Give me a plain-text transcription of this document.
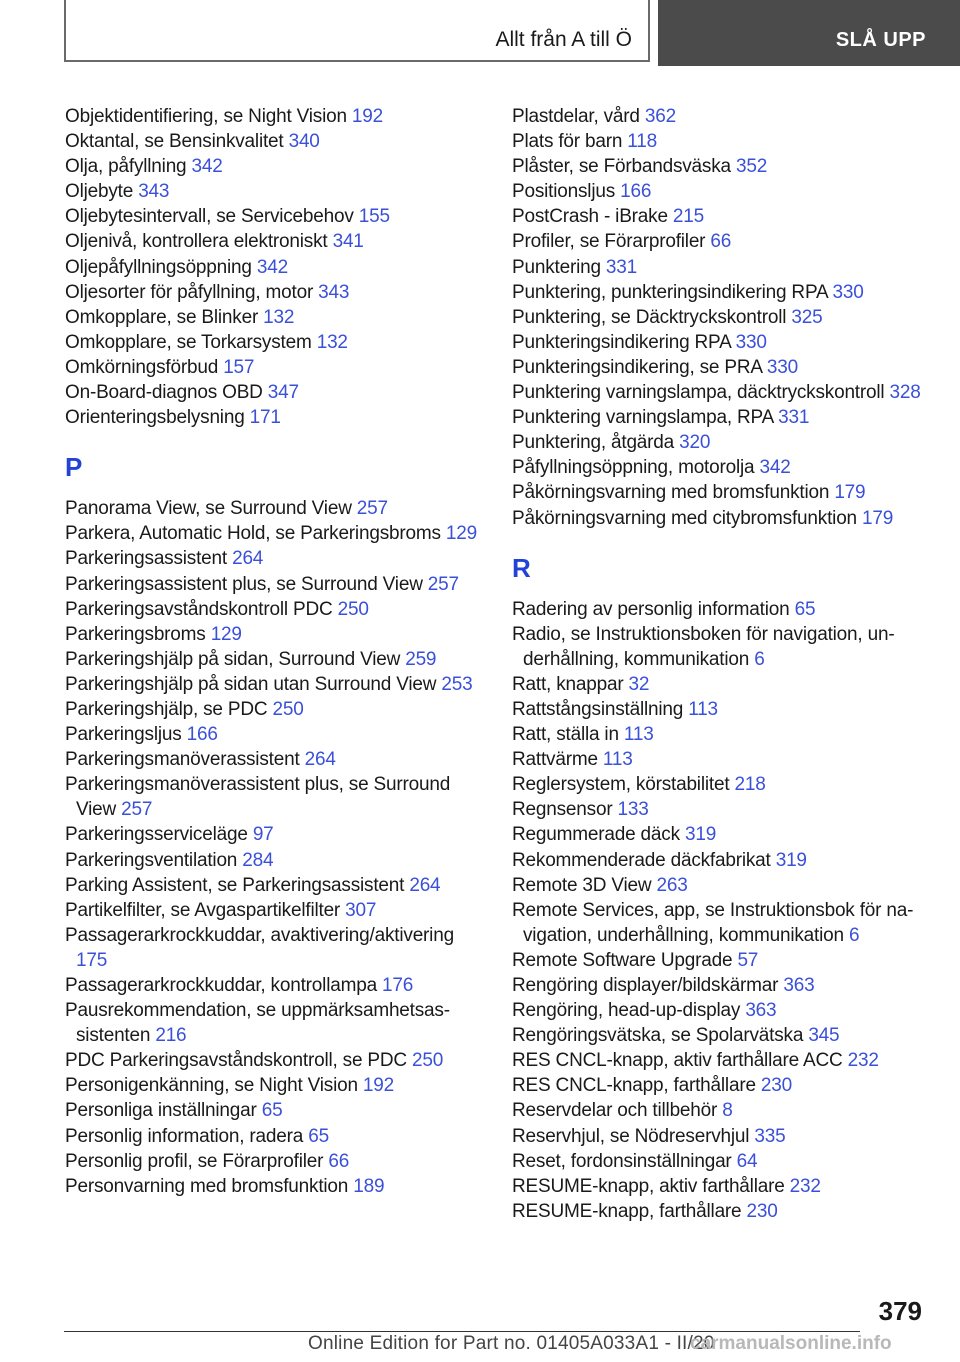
Allt från A till Ö	SLÅ UPP
Objektidentifiering, se Night Vision 192
Oktantal, se Bensinkvalitet 340
Olja, påfyllning 342
Oljebyte 343
Oljebytesintervall, se Servicebehov 155
Oljenivå, kontrollera elektroniskt 341
Oljepåfyllningsöppning 342
Oljesorter för påfyllning, motor 343
Omkopplare, se Blinker 132
Omkopplare, se Torkarsystem 132
Omkörningsförbud 157
On-Board-diagnos OBD 347
Orienteringsbelysning 171
P
Panorama View, se Surround View 257
Parkera, Automatic Hold, se Parkeringsbroms 129
Parkeringsassistent 264
Parkeringsassistent plus, se Surround View 257
Parkeringsavståndskontroll PDC 250
Parkeringsbroms 129
Parkeringshjälp på sidan, Surround View 259
Parkeringshjälp på sidan utan Surround View 253
Parkeringshjälp, se PDC 250
Parkeringsljus 166
Parkeringsmanöverassistent 264
Parkeringsmanöverassistent plus, se Surround View 257
Parkeringsserviceläge 97
Parkeringsventilation 284
Parking Assistent, se Parkeringsassistent 264
Partikelfilter, se Avgaspartikelfilter 307
Passagerarkrockkuddar, avaktivering/aktivering 175
Passagerarkrockkuddar, kontrollampa 176
Pausrekommendation, se uppmärksamhetsassistenten 216
PDC Parkeringsavståndskontroll, se PDC 250
Personigenkänning, se Night Vision 192
Personliga inställningar 65
Personlig information, radera 65
Personlig profil, se Förarprofiler 66
Personvarning med bromsfunktion 189
Plastdelar, vård 362
Plats för barn 118
Plåster, se Förbandsväska 352
Positionsljus 166
PostCrash - iBrake 215
Profiler, se Förarprofiler 66
Punktering 331
Punktering, punkteringsindikering RPA 330
Punktering, se Däcktryckskontroll 325
Punkteringsindikering RPA 330
Punkteringsindikering, se PRA 330
Punktering varningslampa, däcktryckskontroll 328
Punktering varningslampa, RPA 331
Punktering, åtgärda 320
Påfyllningsöppning, motorolja 342
Påkörningsvarning med bromsfunktion 179
Påkörningsvarning med citybromsfunktion 179
R
Radering av personlig information 65
Radio, se Instruktionsboken för navigation, underhållning, kommunikation 6
Ratt, knappar 32
Rattstångsinställning 113
Ratt, ställa in 113
Rattvärme 113
Reglersystem, körstabilitet 218
Regnsensor 133
Regummerade däck 319
Rekommenderade däckfabrikat 319
Remote 3D View 263
Remote Services, app, se Instruktionsbok för navigation, underhållning, kommunikation 6
Remote Software Upgrade 57
Rengöring displayer/bildskärmar 363
Rengöring, head-up-display 363
Rengöringsvätska, se Spolarvätska 345
RES CNCL-knapp, aktiv farthållare ACC 232
RES CNCL-knapp, farthållare 230
Reservdelar och tillbehör 8
Reservhjul, se Nödreservhjul 335
Reset, fordonsinställningar 64
RESUME-knapp, aktiv farthållare 232
RESUME-knapp, farthållare 230
379
Online Edition for Part no. 01405A033A1 - II/20
carmanualsonline.info
